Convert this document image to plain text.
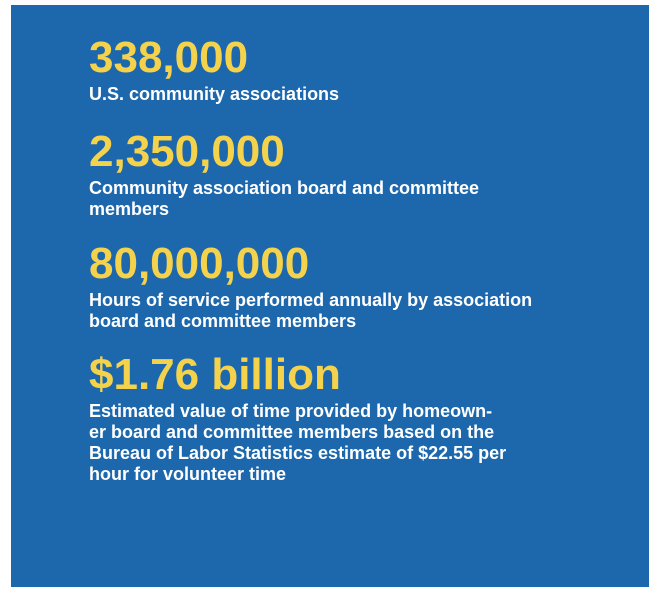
338,000
U.S. community associations
2,350,000
Community association board and committee
members
80,000,000
Hours of service performed annually by association
board and committee members
$1.76 billion
Estimated value of time provided by homeown-
er board and committee members based on the
Bureau of Labor Statistics estimate of $22.55 per
hour for volunteer time
